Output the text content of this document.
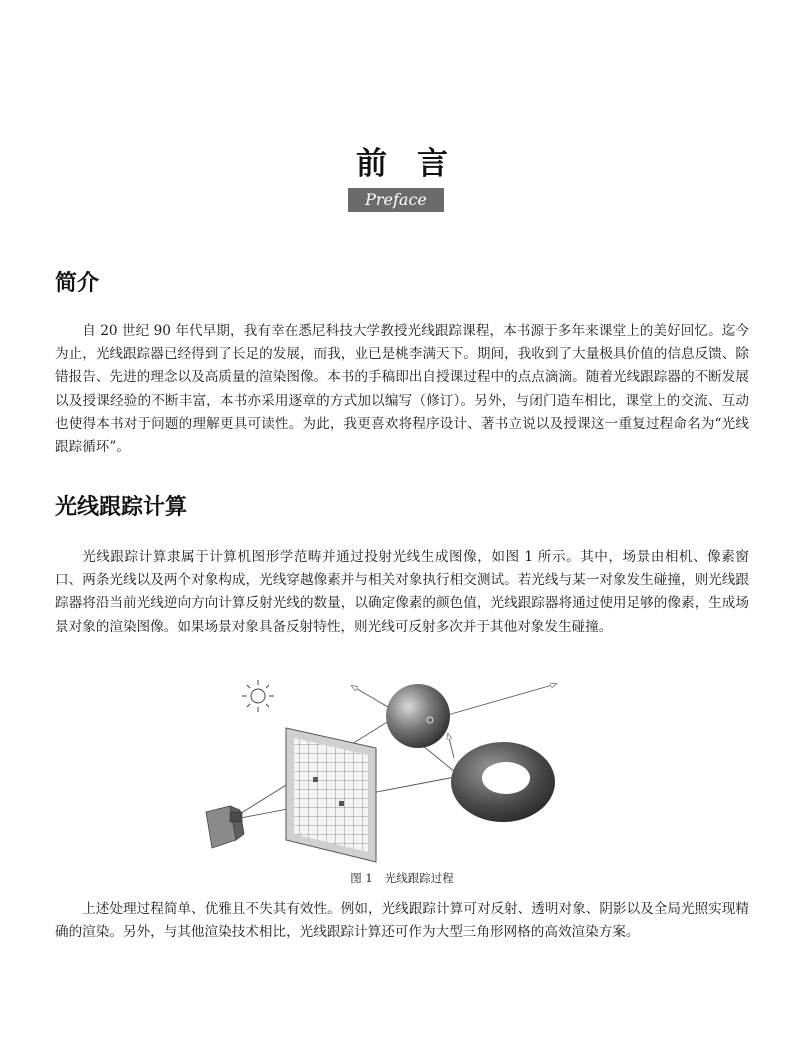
前言
Preface
简介

自 20 世纪 90 年代早期，我有幸在悉尼科技大学教授光线跟踪课程，本书源于多年来课堂上的美好回忆。迄今为止，光线跟踪器已经得到了长足的发展，而我，业已是桃李满天下。期间，我收到了大量极具价值的信息反馈、除错报告、先进的理念以及高质量的渲染图像。本书的手稿即出自授课过程中的点点滴滴。随着光线跟踪器的不断发展以及授课经验的不断丰富，本书亦采用逐章的方式加以编写（修订）。另外，与闭门造车相比，课堂上的交流、互动也使得本书对于问题的理解更具可读性。为此，我更喜欢将程序设计、著书立说以及授课这一重复过程命名为“光线跟踪循环”。

光线跟踪计算

光线跟踪计算隶属于计算机图形学范畴并通过投射光线生成图像，如图 1 所示。其中，场景由相机、像素窗口、两条光线以及两个对象构成，光线穿越像素并与相关对象执行相交测试。若光线与某一对象发生碰撞，则光线跟踪器将沿当前光线逆向方向计算反射光线的数量，以确定像素的颜色值，光线跟踪器将通过使用足够的像素，生成场景对象的渲染图像。如果场景对象具备反射特性，则光线可反射多次并于其他对象发生碰撞。

图 1 光线跟踪过程

上述处理过程简单、优雅且不失其有效性。例如，光线跟踪计算可对反射、透明对象、阴影以及全局光照实现精确的渲染。另外，与其他渲染技术相比，光线跟踪计算还可作为大型三角形网格的高效渲染方案。
